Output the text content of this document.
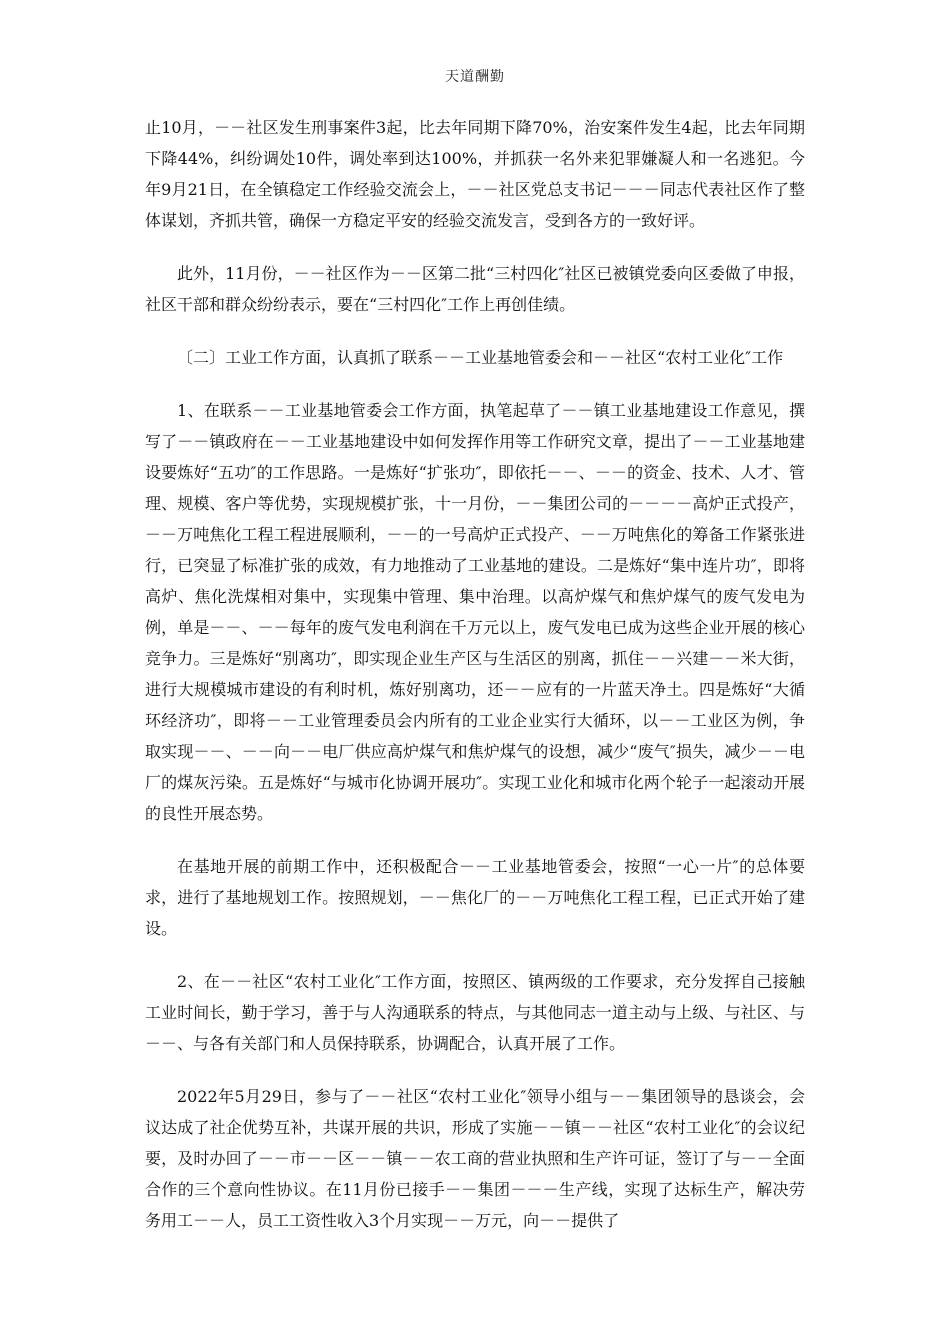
天道酬勤

止10月，－－社区发生刑事案件3起，比去年同期下降70%，治安案件发生4起，比去年同期下降44%，纠纷调处10件，调处率到达100%，并抓获一名外来犯罪嫌凝人和一名逃犯。今年9月21日，在全镇稳定工作经验交流会上，－－社区党总支书记－－－同志代表社区作了整体谋划，齐抓共管，确保一方稳定平安的经验交流发言，受到各方的一致好评。

此外，11月份，－－社区作为－－区第二批“三村四化″社区已被镇党委向区委做了申报，社区干部和群众纷纷表示，要在“三村四化″工作上再创佳绩。

〔二〕工业工作方面，认真抓了联系－－工业基地管委会和－－社区“农村工业化″工作

1、在联系－－工业基地管委会工作方面，执笔起草了－－镇工业基地建设工作意见，撰写了－－镇政府在－－工业基地建设中如何发挥作用等工作研究文章，提出了－－工业基地建设要炼好“五功″的工作思路。一是炼好“扩张功″，即依托－－、－－的资金、技术、人才、管理、规模、客户等优势，实现规模扩张，十一月份，－－集团公司的－－－－高炉正式投产，－－万吨焦化工程工程进展顺利，－－的一号高炉正式投产、－－万吨焦化的筹备工作紧张进行，已突显了标准扩张的成效，有力地推动了工业基地的建设。二是炼好“集中连片功″，即将高炉、焦化洗煤相对集中，实现集中管理、集中治理。以高炉煤气和焦炉煤气的废气发电为例，单是－－、－－每年的废气发电利润在千万元以上，废气发电已成为这些企业开展的核心竞争力。三是炼好“别离功″，即实现企业生产区与生活区的别离，抓住－－兴建－－米大街，进行大规模城市建设的有利时机，炼好别离功，还－－应有的一片蓝天净土。四是炼好“大循环经济功″，即将－－工业管理委员会内所有的工业企业实行大循环，以－－工业区为例，争取实现－－、－－向－－电厂供应高炉煤气和焦炉煤气的设想，减少“废气″损失，减少－－电厂的煤灰污染。五是炼好“与城市化协调开展功″。实现工业化和城市化两个轮子一起滚动开展的良性开展态势。

在基地开展的前期工作中，还积极配合－－工业基地管委会，按照“一心一片″的总体要求，进行了基地规划工作。按照规划，－－焦化厂的－－万吨焦化工程工程，已正式开始了建设。

2、在－－社区“农村工业化″工作方面，按照区、镇两级的工作要求，充分发挥自己接触工业时间长，勤于学习，善于与人沟通联系的特点，与其他同志一道主动与上级、与社区、与－－、与各有关部门和人员保持联系，协调配合，认真开展了工作。

2022年5月29日，参与了－－社区“农村工业化″领导小组与－－集团领导的恳谈会，会议达成了社企优势互补，共谋开展的共识，形成了实施－－镇－－社区“农村工业化″的会议纪要，及时办回了－－市－－区－－镇－－农工商的营业执照和生产许可证，签订了与－－全面合作的三个意向性协议。在11月份已接手－－集团－－－生产线，实现了达标生产，解决劳务用工－－人，员工工资性收入3个月实现－－万元，向－－提供了
